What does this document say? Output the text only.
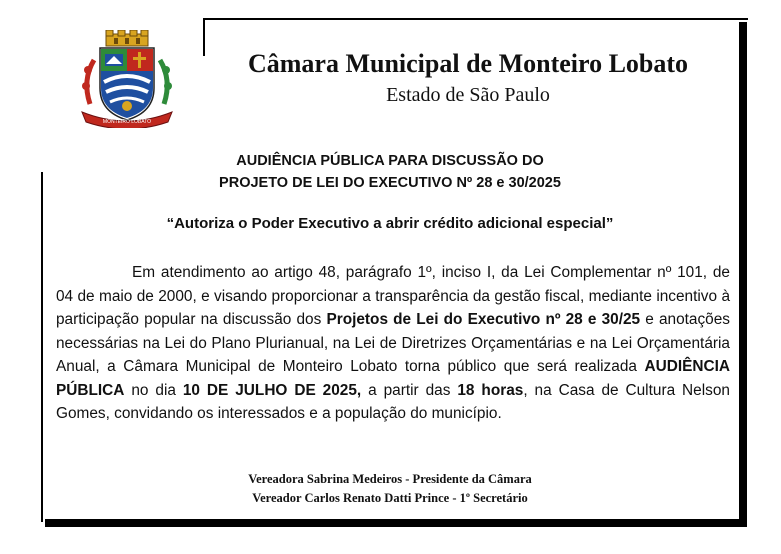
MONTEIRO LOBATO
Câmara Municipal de Monteiro Lobato
Estado de São Paulo
AUDIÊNCIA PÚBLICA PARA DISCUSSÃO DO
PROJETO DE LEI DO EXECUTIVO Nº 28 e 30/2025
“Autoriza o Poder Executivo a abrir crédito adicional especial”

Em atendimento ao artigo 48, parágrafo 1º, inciso I, da Lei Complementar nº 101, de 04 de maio de 2000, e visando proporcionar a transparência da gestão fiscal, mediante incentivo à participação popular na discussão dos Projetos de Lei do Executivo nº 28 e 30/25 e anotações necessárias na Lei do Plano Plurianual, na Lei de Diretrizes Orçamentárias e na Lei Orçamentária Anual, a Câmara Municipal de Monteiro Lobato torna público que será realizada AUDIÊNCIA PÚBLICA no dia 10 DE JULHO DE 2025, a partir das 18 horas, na Casa de Cultura Nelson Gomes, convidando os interessados e a população do município.

Vereadora Sabrina Medeiros - Presidente da Câmara
Vereador Carlos Renato Datti Prince - 1º Secretário
